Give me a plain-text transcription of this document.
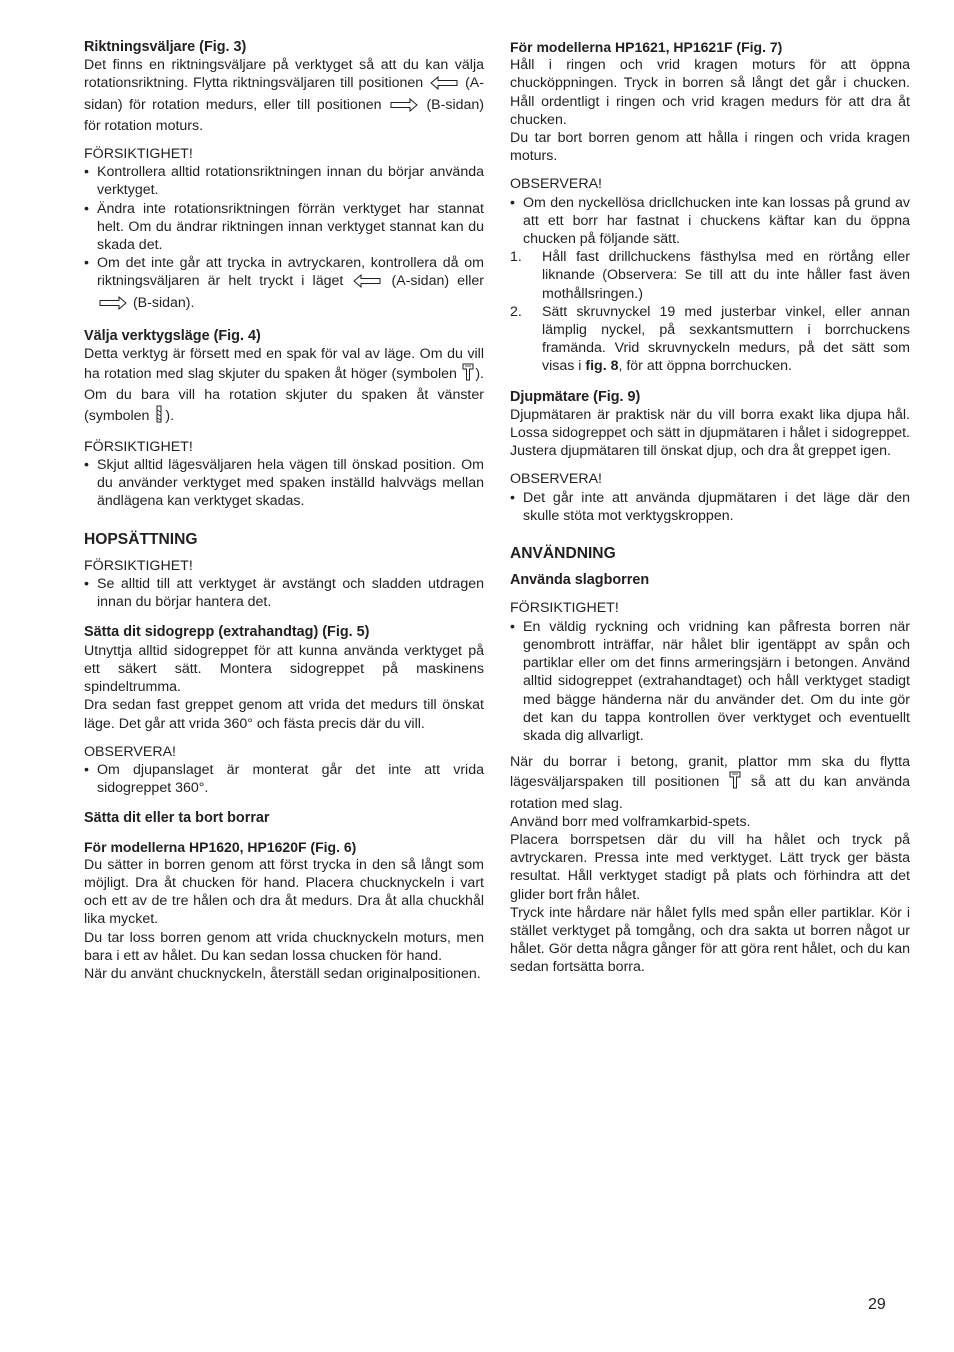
Riktningsväljare (Fig. 3)
Det finns en riktningsväljare på verktyget så att du kan välja rotationsriktning. Flytta riktningsväljaren till positionen  (A-sidan) för rotation medurs, eller till positionen  (B-sidan) för rotation moturs.
FÖRSIKTIGHET!
• Kontrollera alltid rotationsriktningen innan du börjar använda verktyget.
• Ändra inte rotationsriktningen förrän verktyget har stannat helt. Om du ändrar riktningen innan verktyget stannat kan du skada det.
• Om det inte går att trycka in avtryckaren, kontrollera då om riktningsväljaren är helt tryckt i läget  (A-sidan) eller  (B-sidan).
Välja verktygsläge (Fig. 4)
Detta verktyg är försett med en spak för val av läge. Om du vill ha rotation med slag skjuter du spaken åt höger (symbolen ). Om du bara vill ha rotation skjuter du spaken åt vänster (symbolen ).
FÖRSIKTIGHET!
• Skjut alltid lägesväljaren hela vägen till önskad position. Om du använder verktyget med spaken inställd halvvägs mellan ändlägena kan verktyget skadas.
HOPSÄTTNING
FÖRSIKTIGHET!
• Se alltid till att verktyget är avstängt och sladden utdragen innan du börjar hantera det.
Sätta dit sidogrepp (extrahandtag) (Fig. 5)
Utnyttja alltid sidogreppet för att kunna använda verktyget på ett säkert sätt. Montera sidogreppet på maskinens spindeltrumma.
Dra sedan fast greppet genom att vrida det medurs till önskat läge. Det går att vrida 360° och fästa precis där du vill.
OBSERVERA!
• Om djupanslaget är monterat går det inte att vrida sidogreppet 360°.
Sätta dit eller ta bort borrar
För modellerna HP1620, HP1620F (Fig. 6)
Du sätter in borren genom att först trycka in den så långt som möjligt. Dra åt chucken för hand. Placera chucknyckeln i vart och ett av de tre hålen och dra åt medurs. Dra åt alla chuckhål lika mycket.
Du tar loss borren genom att vrida chucknyckeln moturs, men bara i ett av hålet. Du kan sedan lossa chucken för hand.
När du använt chucknyckeln, återställ sedan originalpositionen.
För modellerna HP1621, HP1621F (Fig. 7)
Håll i ringen och vrid kragen moturs för att öppna chucköppningen. Tryck in borren så långt det går i chucken. Håll ordentligt i ringen och vrid kragen medurs för att dra åt chucken.
Du tar bort borren genom att hålla i ringen och vrida kragen moturs.
OBSERVERA!
• Om den nyckellösa dricllchucken inte kan lossas på grund av att ett borr har fastnat i chuckens käftar kan du öppna chucken på följande sätt.
1. Håll fast drillchuckens fästhylsa med en rörtång eller liknande (Observera: Se till att du inte håller fast även mothållsringen.)
2. Sätt skruvnyckel 19 med justerbar vinkel, eller annan lämplig nyckel, på sexkantsmuttern i borrchuckens framända. Vrid skruvnyckeln medurs, på det sätt som visas i fig. 8, för att öppna borrchucken.
Djupmätare (Fig. 9)
Djupmätaren är praktisk när du vill borra exakt lika djupa hål. Lossa sidogreppet och sätt in djupmätaren i hålet i sidogreppet. Justera djupmätaren till önskat djup, och dra åt greppet igen.
OBSERVERA!
• Det går inte att använda djupmätaren i det läge där den skulle stöta mot verktygskroppen.
ANVÄNDNING
Använda slagborren
FÖRSIKTIGHET!
• En väldig ryckning och vridning kan påfresta borren när genombrott inträffar, när hålet blir igentäppt av spån och partiklar eller om det finns armeringsjärn i betongen. Använd alltid sidogreppet (extrahandtaget) och håll verktyget stadigt med bägge händerna när du använder det. Om du inte gör det kan du tappa kontrollen över verktyget och eventuellt skada dig allvarligt.
När du borrar i betong, granit, plattor mm ska du flytta lägesväljarspaken till positionen  så att du kan använda rotation med slag.
Använd borr med volframkarbid-spets.
Placera borrspetsen där du vill ha hålet och tryck på avtryckaren. Pressa inte med verktyget. Lätt tryck ger bästa resultat. Håll verktyget stadigt på plats och förhindra att det glider bort från hålet.
Tryck inte hårdare när hålet fylls med spån eller partiklar. Kör i stället verktyget på tomgång, och dra sakta ut borren något ur hålet. Gör detta några gånger för att göra rent hålet, och du kan sedan fortsätta borra.
29
